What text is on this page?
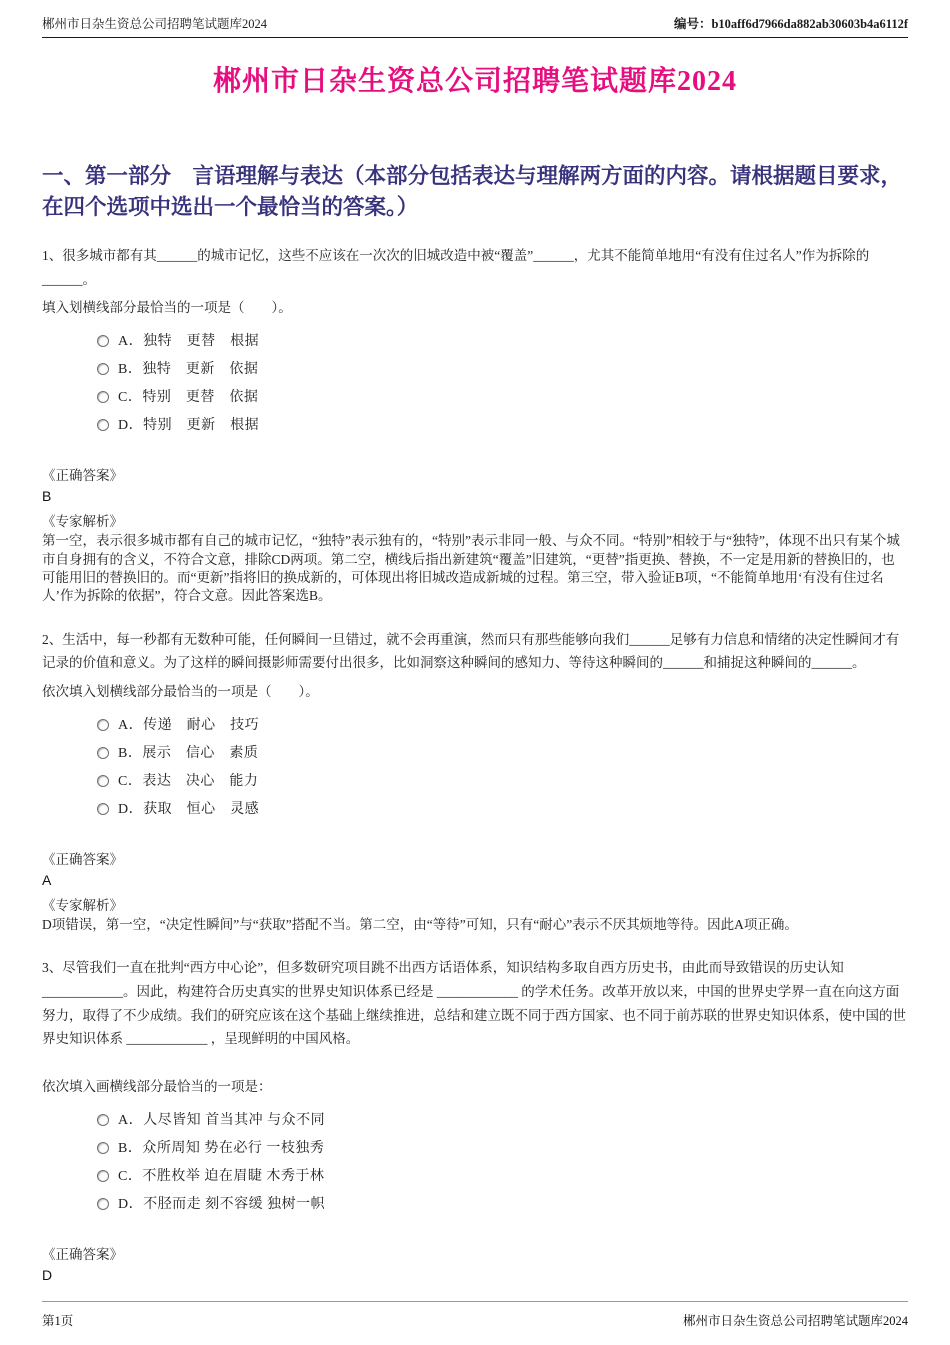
郴州市日杂生资总公司招聘笔试题库2024	编号：b10aff6d7966da882ab30603b4a6112f
郴州市日杂生资总公司招聘笔试题库2024
一、第一部分　言语理解与表达（本部分包括表达与理解两方面的内容。请根据题目要求，在四个选项中选出一个最恰当的答案。）
1、很多城市都有其______的城市记忆，这些不应该在一次次的旧城改造中被“覆盖”______，尤其不能简单地用“有没有住过名人”作为拆除的______。
填入划横线部分最恰当的一项是（　　）。
A．独特　更替　根据
B．独特　更新　依据
C．特别　更替　依据
D．特别　更新　根据
《正确答案》
B
《专家解析》
第一空，表示很多城市都有自己的城市记忆，“独特”表示独有的，“特别”表示非同一般、与众不同。“特别”相较于与“独特”，体现不出只有某个城市自身拥有的含义，不符合文意，排除CD两项。第二空，横线后指出新建筑“覆盖”旧建筑，“更替”指更换、替换，不一定是用新的替换旧的，也可能用旧的替换旧的。而“更新”指将旧的换成新的，可体现出将旧城改造成新城的过程。第三空，带入验证B项，“不能简单地用‘有没有住过名人’作为拆除的依据”，符合文意。因此答案选B。
2、生活中，每一秒都有无数种可能，任何瞬间一旦错过，就不会再重演，然而只有那些能够向我们______足够有力信息和情绪的决定性瞬间才有记录的价值和意义。为了这样的瞬间摄影师需要付出很多，比如洞察这种瞬间的感知力、等待这种瞬间的______和捕捉这种瞬间的______。
依次填入划横线部分最恰当的一项是（　　）。
A．传递　耐心　技巧
B．展示　信心　素质
C．表达　决心　能力
D．获取　恒心　灵感
《正确答案》
A
《专家解析》
D项错误，第一空，“决定性瞬间”与“获取”搭配不当。第二空，由“等待”可知，只有“耐心”表示不厌其烦地等待。因此A项正确。
3、尽管我们一直在批判“西方中心论”，但多数研究项目跳不出西方话语体系，知识结构多取自西方历史书，由此而导致错误的历史认知 ____________。因此，构建符合历史真实的世界史知识体系已经是 ____________ 的学术任务。改革开放以来，中国的世界史学界一直在向这方面努力，取得了不少成绩。我们的研究应该在这个基础上继续推进，总结和建立既不同于西方国家、也不同于前苏联的世界史知识体系，使中国的世界史知识体系 ____________ ，呈现鲜明的中国风格。
依次填入画横线部分最恰当的一项是：
A．人尽皆知 首当其冲 与众不同
B．众所周知 势在必行 一枝独秀
C．不胜枚举 迫在眉睫 木秀于林
D．不胫而走 刻不容缓 独树一帜
《正确答案》
D
第1页	郴州市日杂生资总公司招聘笔试题库2024
